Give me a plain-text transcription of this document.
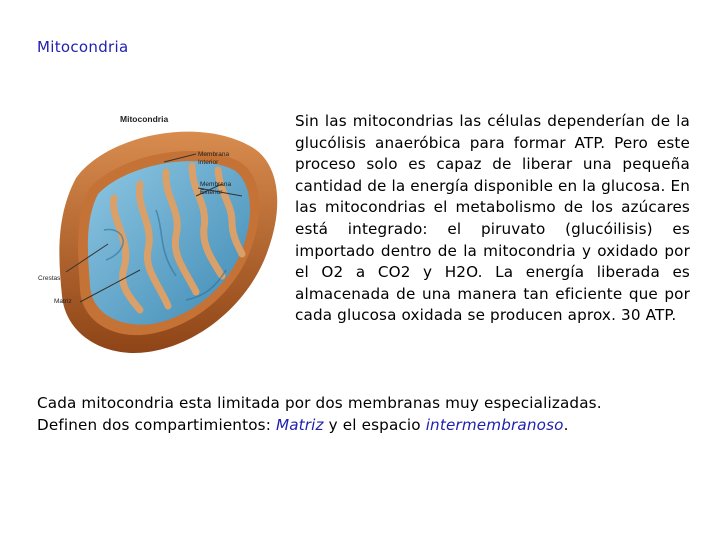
Mitocondria
Mitocondria
Membrana
Interior
Membrana
Exterior
Crestas
Matriz
Sin las mitocondrias las células dependerían de la glucólisis anaeróbica para formar ATP. Pero este proceso solo es capaz de liberar una pequeña cantidad de la energía disponible en la glucosa. En las mitocondrias el metabolismo de los azúcares está integrado: el piruvato (glucóilisis) es importado dentro de la mitocondria y oxidado por el O2 a CO2 y H2O. La energía liberada es almacenada de una manera tan eficiente que por cada glucosa oxidada se producen aprox. 30 ATP.
Cada mitocondria esta limitada por dos membranas muy especializadas.
Definen dos compartimientos: Matriz y el espacio intermembranoso.
